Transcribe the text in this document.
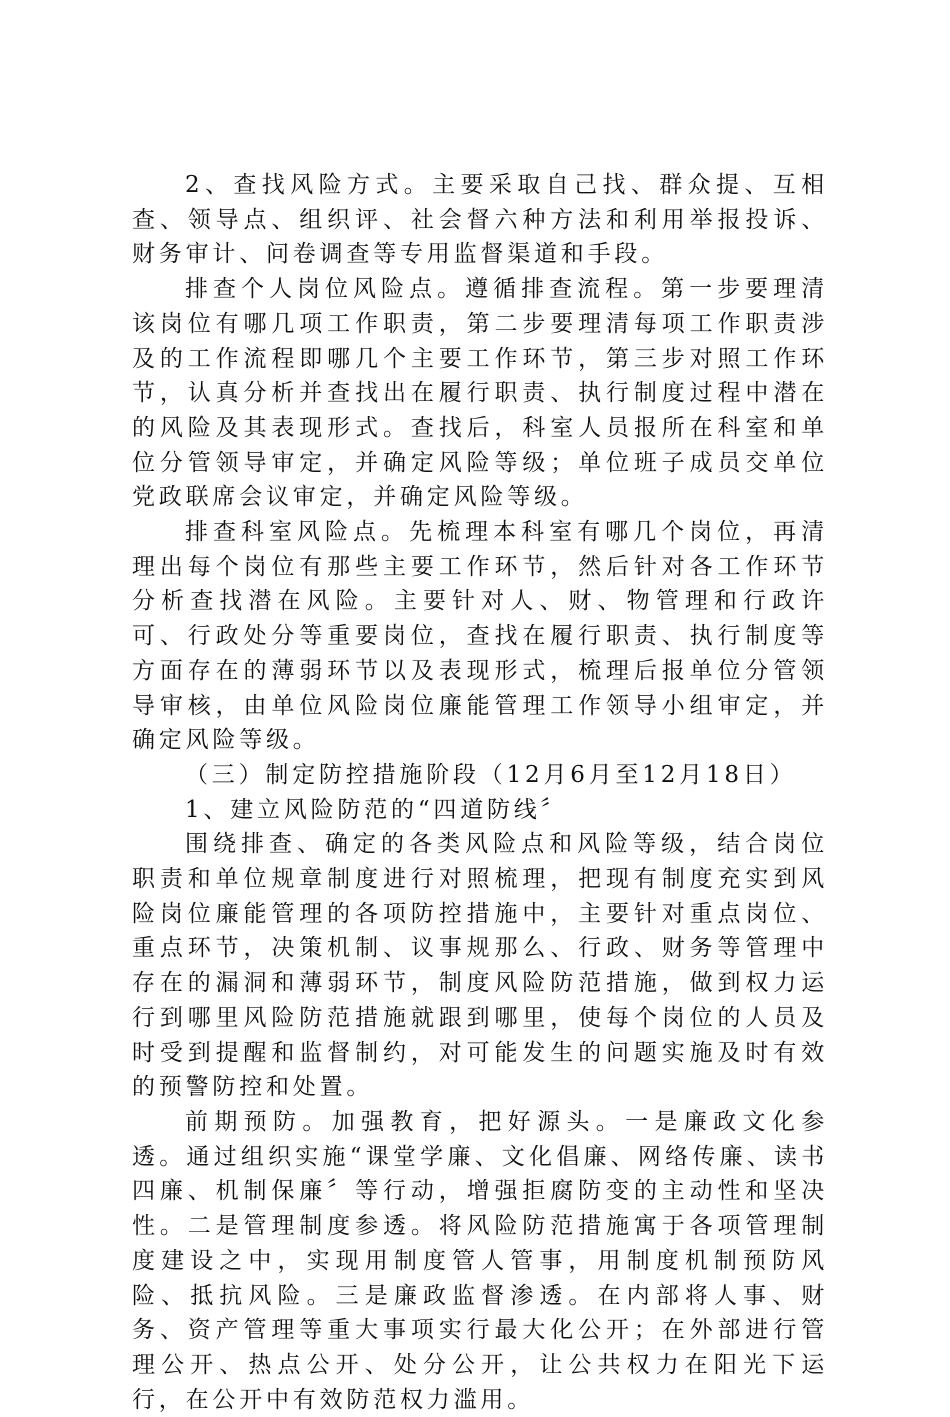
2、查找风险方式。主要采取自己找、群众提、互相查、领导点、组织评、社会督六种方法和利用举报投诉、财务审计、问卷调查等专用监督渠道和手段。

排查个人岗位风险点。遵循排查流程。第一步要理清该岗位有哪几项工作职责，第二步要理清每项工作职责涉及的工作流程即哪几个主要工作环节，第三步对照工作环节，认真分析并查找出在履行职责、执行制度过程中潜在的风险及其表现形式。查找后，科室人员报所在科室和单位分管领导审定，并确定风险等级；单位班子成员交单位党政联席会议审定，并确定风险等级。

排查科室风险点。先梳理本科室有哪几个岗位，再清理出每个岗位有那些主要工作环节，然后针对各工作环节分析查找潜在风险。主要针对人、财、物管理和行政许可、行政处分等重要岗位，查找在履行职责、执行制度等方面存在的薄弱环节以及表现形式，梳理后报单位分管领导审核，由单位风险岗位廉能管理工作领导小组审定，并确定风险等级。

（三）制定防控措施阶段（12月6月至12月18日）

1、建立风险防范的“四道防线〞

围绕排查、确定的各类风险点和风险等级，结合岗位职责和单位规章制度进行对照梳理，把现有制度充实到风险岗位廉能管理的各项防控措施中，主要针对重点岗位、重点环节，决策机制、议事规那么、行政、财务等管理中存在的漏洞和薄弱环节，制度风险防范措施，做到权力运行到哪里风险防范措施就跟到哪里，使每个岗位的人员及时受到提醒和监督制约，对可能发生的问题实施及时有效的预警防控和处置。

前期预防。加强教育，把好源头。一是廉政文化参透。通过组织实施“课堂学廉、文化倡廉、网络传廉、读书四廉、机制保廉〞等行动，增强拒腐防变的主动性和坚决性。二是管理制度参透。将风险防范措施寓于各项管理制度建设之中，实现用制度管人管事，用制度机制预防风险、抵抗风险。三是廉政监督渗透。在内部将人事、财务、资产管理等重大事项实行最大化公开；在外部进行管理公开、热点公开、处分公开，让公共权力在阳光下运行，在公开中有效防范权力滥用。
